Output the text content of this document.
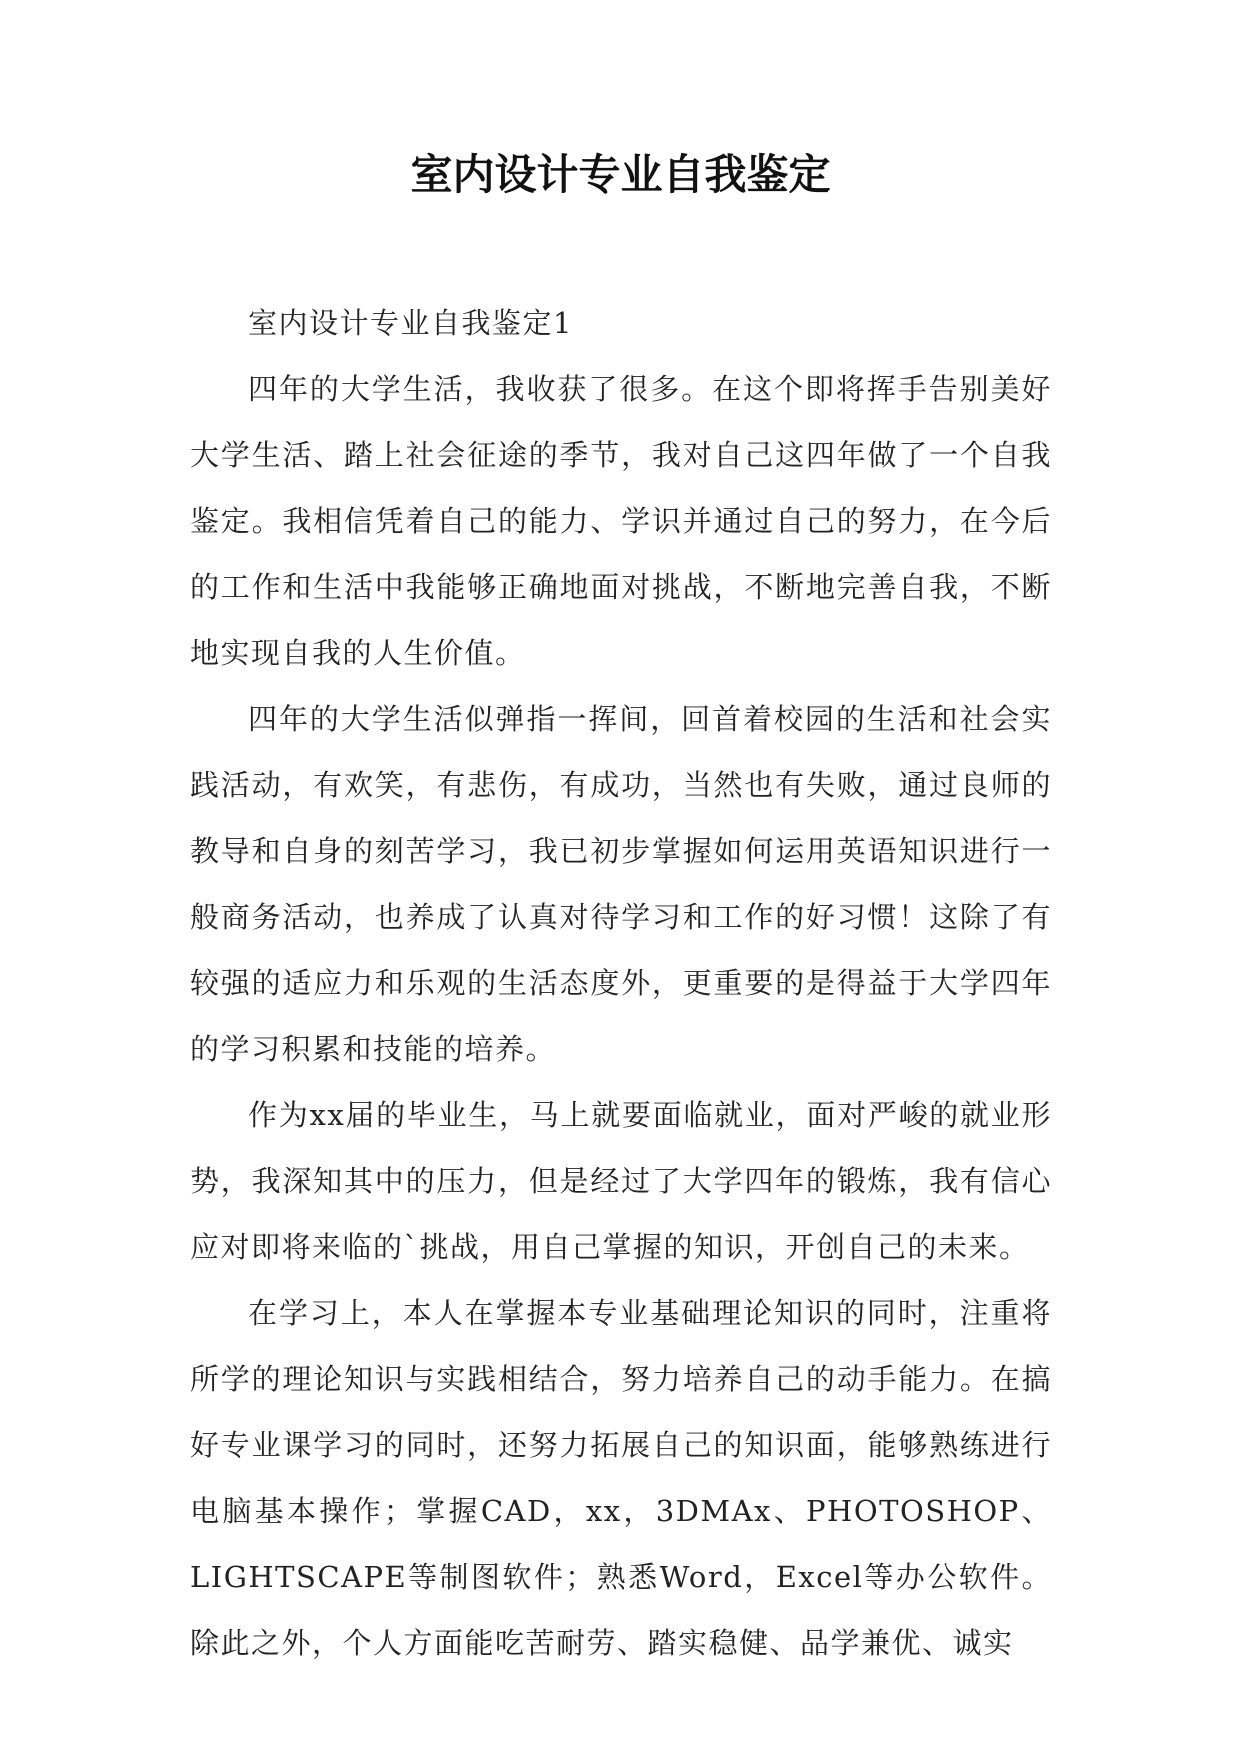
室内设计专业自我鉴定

室内设计专业自我鉴定1

四年的大学生活，我收获了很多。在这个即将挥手告别美好大学生活、踏上社会征途的季节，我对自己这四年做了一个自我鉴定。我相信凭着自己的能力、学识并通过自己的努力，在今后的工作和生活中我能够正确地面对挑战，不断地完善自我，不断地实现自我的人生价值。

四年的大学生活似弹指一挥间，回首着校园的生活和社会实践活动，有欢笑，有悲伤，有成功，当然也有失败，通过良师的教导和自身的刻苦学习，我已初步掌握如何运用英语知识进行一般商务活动，也养成了认真对待学习和工作的好习惯！这除了有较强的适应力和乐观的生活态度外，更重要的是得益于大学四年的学习积累和技能的培养。

作为xx届的毕业生，马上就要面临就业，面对严峻的就业形势，我深知其中的压力，但是经过了大学四年的锻炼，我有信心应对即将来临的`挑战，用自己掌握的知识，开创自己的未来。

在学习上，本人在掌握本专业基础理论知识的同时，注重将所学的理论知识与实践相结合，努力培养自己的动手能力。在搞好专业课学习的同时，还努力拓展自己的知识面，能够熟练进行电脑基本操作；掌握CAD，xx，3DMAx、PHOTOSHOP、LIGHTSCAPE等制图软件；熟悉Word，Excel等办公软件。除此之外，个人方面能吃苦耐劳、踏实稳健、品学兼优、诚实
